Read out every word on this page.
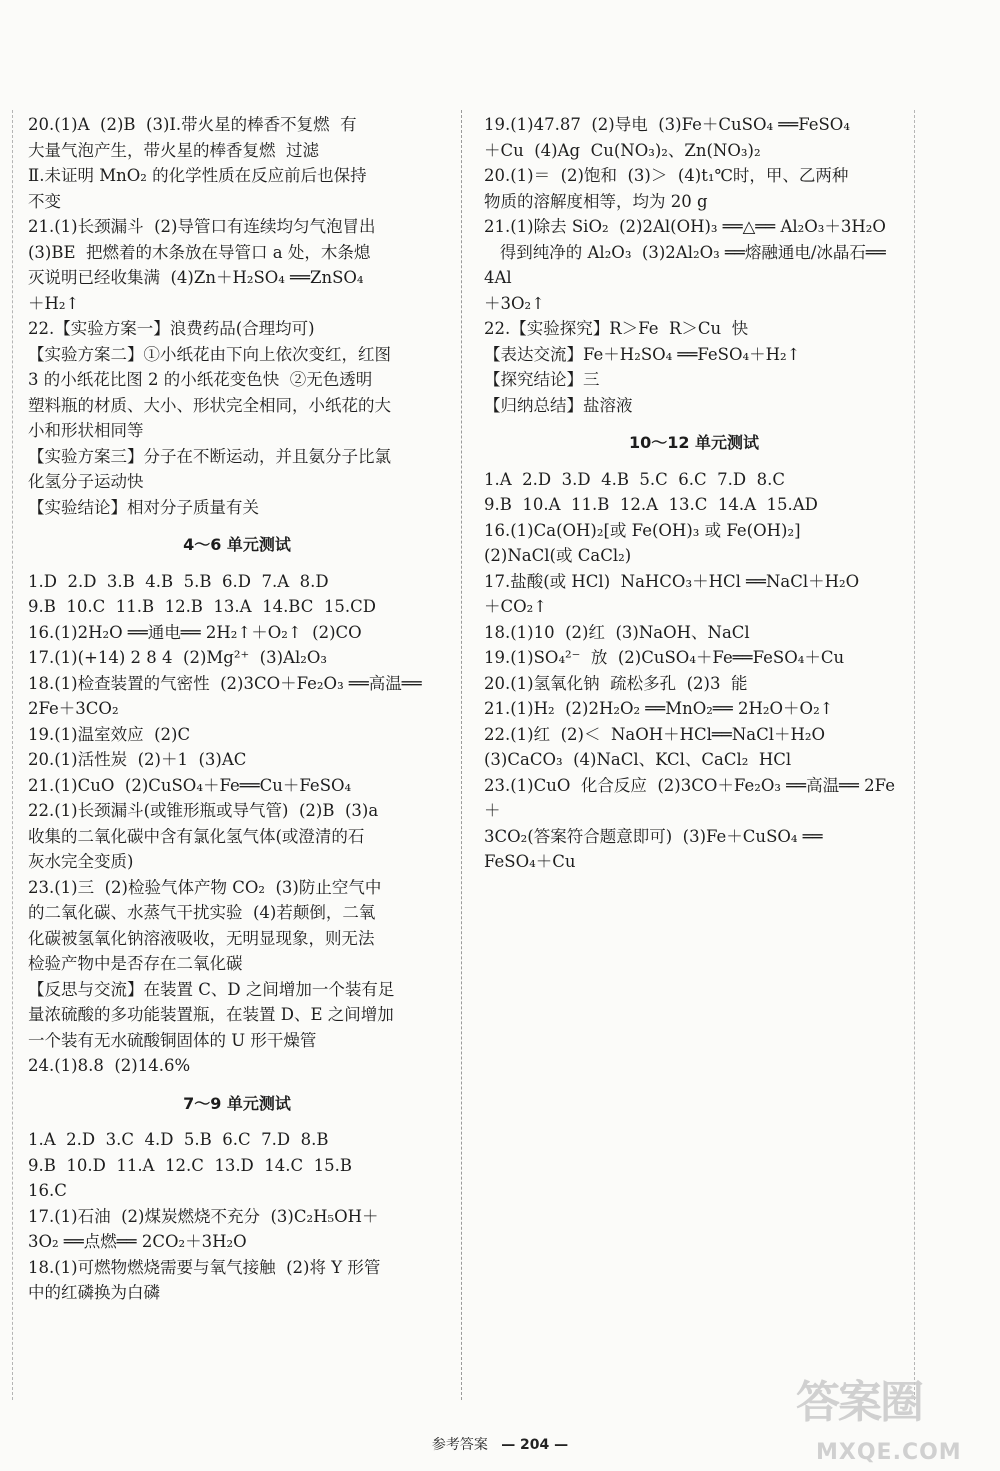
20.(1)A  (2)B  (3)Ⅰ.带火星的棒香不复燃  有
大量气泡产生，带火星的棒香复燃  过滤
Ⅱ.未证明 MnO₂ 的化学性质在反应前后也保持
不变
21.(1)长颈漏斗  (2)导管口有连续均匀气泡冒出
(3)BE  把燃着的木条放在导管口 a 处，木条熄
灭说明已经收集满  (4)Zn＋H₂SO₄ ══ZnSO₄
＋H₂↑
22.【实验方案一】浪费药品(合理均可)
【实验方案二】①小纸花由下向上依次变红，红图
3 的小纸花比图 2 的小纸花变色快  ②无色透明
塑料瓶的材质、大小、形状完全相同，小纸花的大
小和形状相同等
【实验方案三】分子在不断运动，并且氨分子比氯
化氢分子运动快
【实验结论】相对分子质量有关
4～6 单元测试
1.D  2.D  3.B  4.B  5.B  6.D  7.A  8.D
9.B  10.C  11.B  12.B  13.A  14.BC  15.CD
16.(1)2H₂O ══通电══ 2H₂↑＋O₂↑  (2)CO
17.(1)(+14) 2 8 4  (2)Mg²⁺  (3)Al₂O₃
18.(1)检查装置的气密性  (2)3CO＋Fe₂O₃ ══高温══
2Fe＋3CO₂
19.(1)温室效应  (2)C
20.(1)活性炭  (2)＋1  (3)AC
21.(1)CuO  (2)CuSO₄＋Fe══Cu＋FeSO₄
22.(1)长颈漏斗(或锥形瓶或导气管)  (2)B  (3)a
收集的二氧化碳中含有氯化氢气体(或澄清的石
灰水完全变质)
23.(1)三  (2)检验气体产物 CO₂  (3)防止空气中
的二氧化碳、水蒸气干扰实验  (4)若颠倒，二氧
化碳被氢氧化钠溶液吸收，无明显现象，则无法
检验产物中是否存在二氧化碳
【反思与交流】在装置 C、D 之间增加一个装有足
量浓硫酸的多功能装置瓶，在装置 D、E 之间增加
一个装有无水硫酸铜固体的 U 形干燥管
24.(1)8.8  (2)14.6%
7～9 单元测试
1.A  2.D  3.C  4.D  5.B  6.C  7.D  8.B
9.B  10.D  11.A  12.C  13.D  14.C  15.B
16.C
17.(1)石油  (2)煤炭燃烧不充分  (3)C₂H₅OH＋
3O₂ ══点燃══ 2CO₂＋3H₂O
18.(1)可燃物燃烧需要与氧气接触  (2)将 Y 形管
中的红磷换为白磷
19.(1)47.87  (2)导电  (3)Fe＋CuSO₄ ══FeSO₄
＋Cu  (4)Ag  Cu(NO₃)₂、Zn(NO₃)₂
20.(1)＝  (2)饱和  (3)＞  (4)t₁℃时，甲、乙两种
物质的溶解度相等，均为 20 g
21.(1)除去 SiO₂  (2)2Al(OH)₃ ══△══ Al₂O₃＋3H₂O
得到纯净的 Al₂O₃  (3)2Al₂O₃ ══熔融通电/冰晶石══ 4Al
＋3O₂↑
22.【实验探究】R＞Fe  R＞Cu  快
【表达交流】Fe＋H₂SO₄ ══FeSO₄＋H₂↑
【探究结论】三
【归纳总结】盐溶液
10～12 单元测试
1.A  2.D  3.D  4.B  5.C  6.C  7.D  8.C
9.B  10.A  11.B  12.A  13.C  14.A  15.AD
16.(1)Ca(OH)₂[或 Fe(OH)₃ 或 Fe(OH)₂]
(2)NaCl(或 CaCl₂)
17.盐酸(或 HCl)  NaHCO₃＋HCl ══NaCl＋H₂O
＋CO₂↑
18.(1)10  (2)红  (3)NaOH、NaCl
19.(1)SO₄²⁻  放  (2)CuSO₄＋Fe══FeSO₄＋Cu
20.(1)氢氧化钠  疏松多孔  (2)3  能
21.(1)H₂  (2)2H₂O₂ ══MnO₂══ 2H₂O＋O₂↑
22.(1)红  (2)＜  NaOH＋HCl══NaCl＋H₂O
(3)CaCO₃  (4)NaCl、KCl、CaCl₂  HCl
23.(1)CuO  化合反应  (2)3CO＋Fe₂O₃ ══高温══ 2Fe＋
3CO₂(答案符合题意即可)  (3)Fe＋CuSO₄ ══
FeSO₄＋Cu
参考答案 — 204 —
答案圈
MXQE.COM
